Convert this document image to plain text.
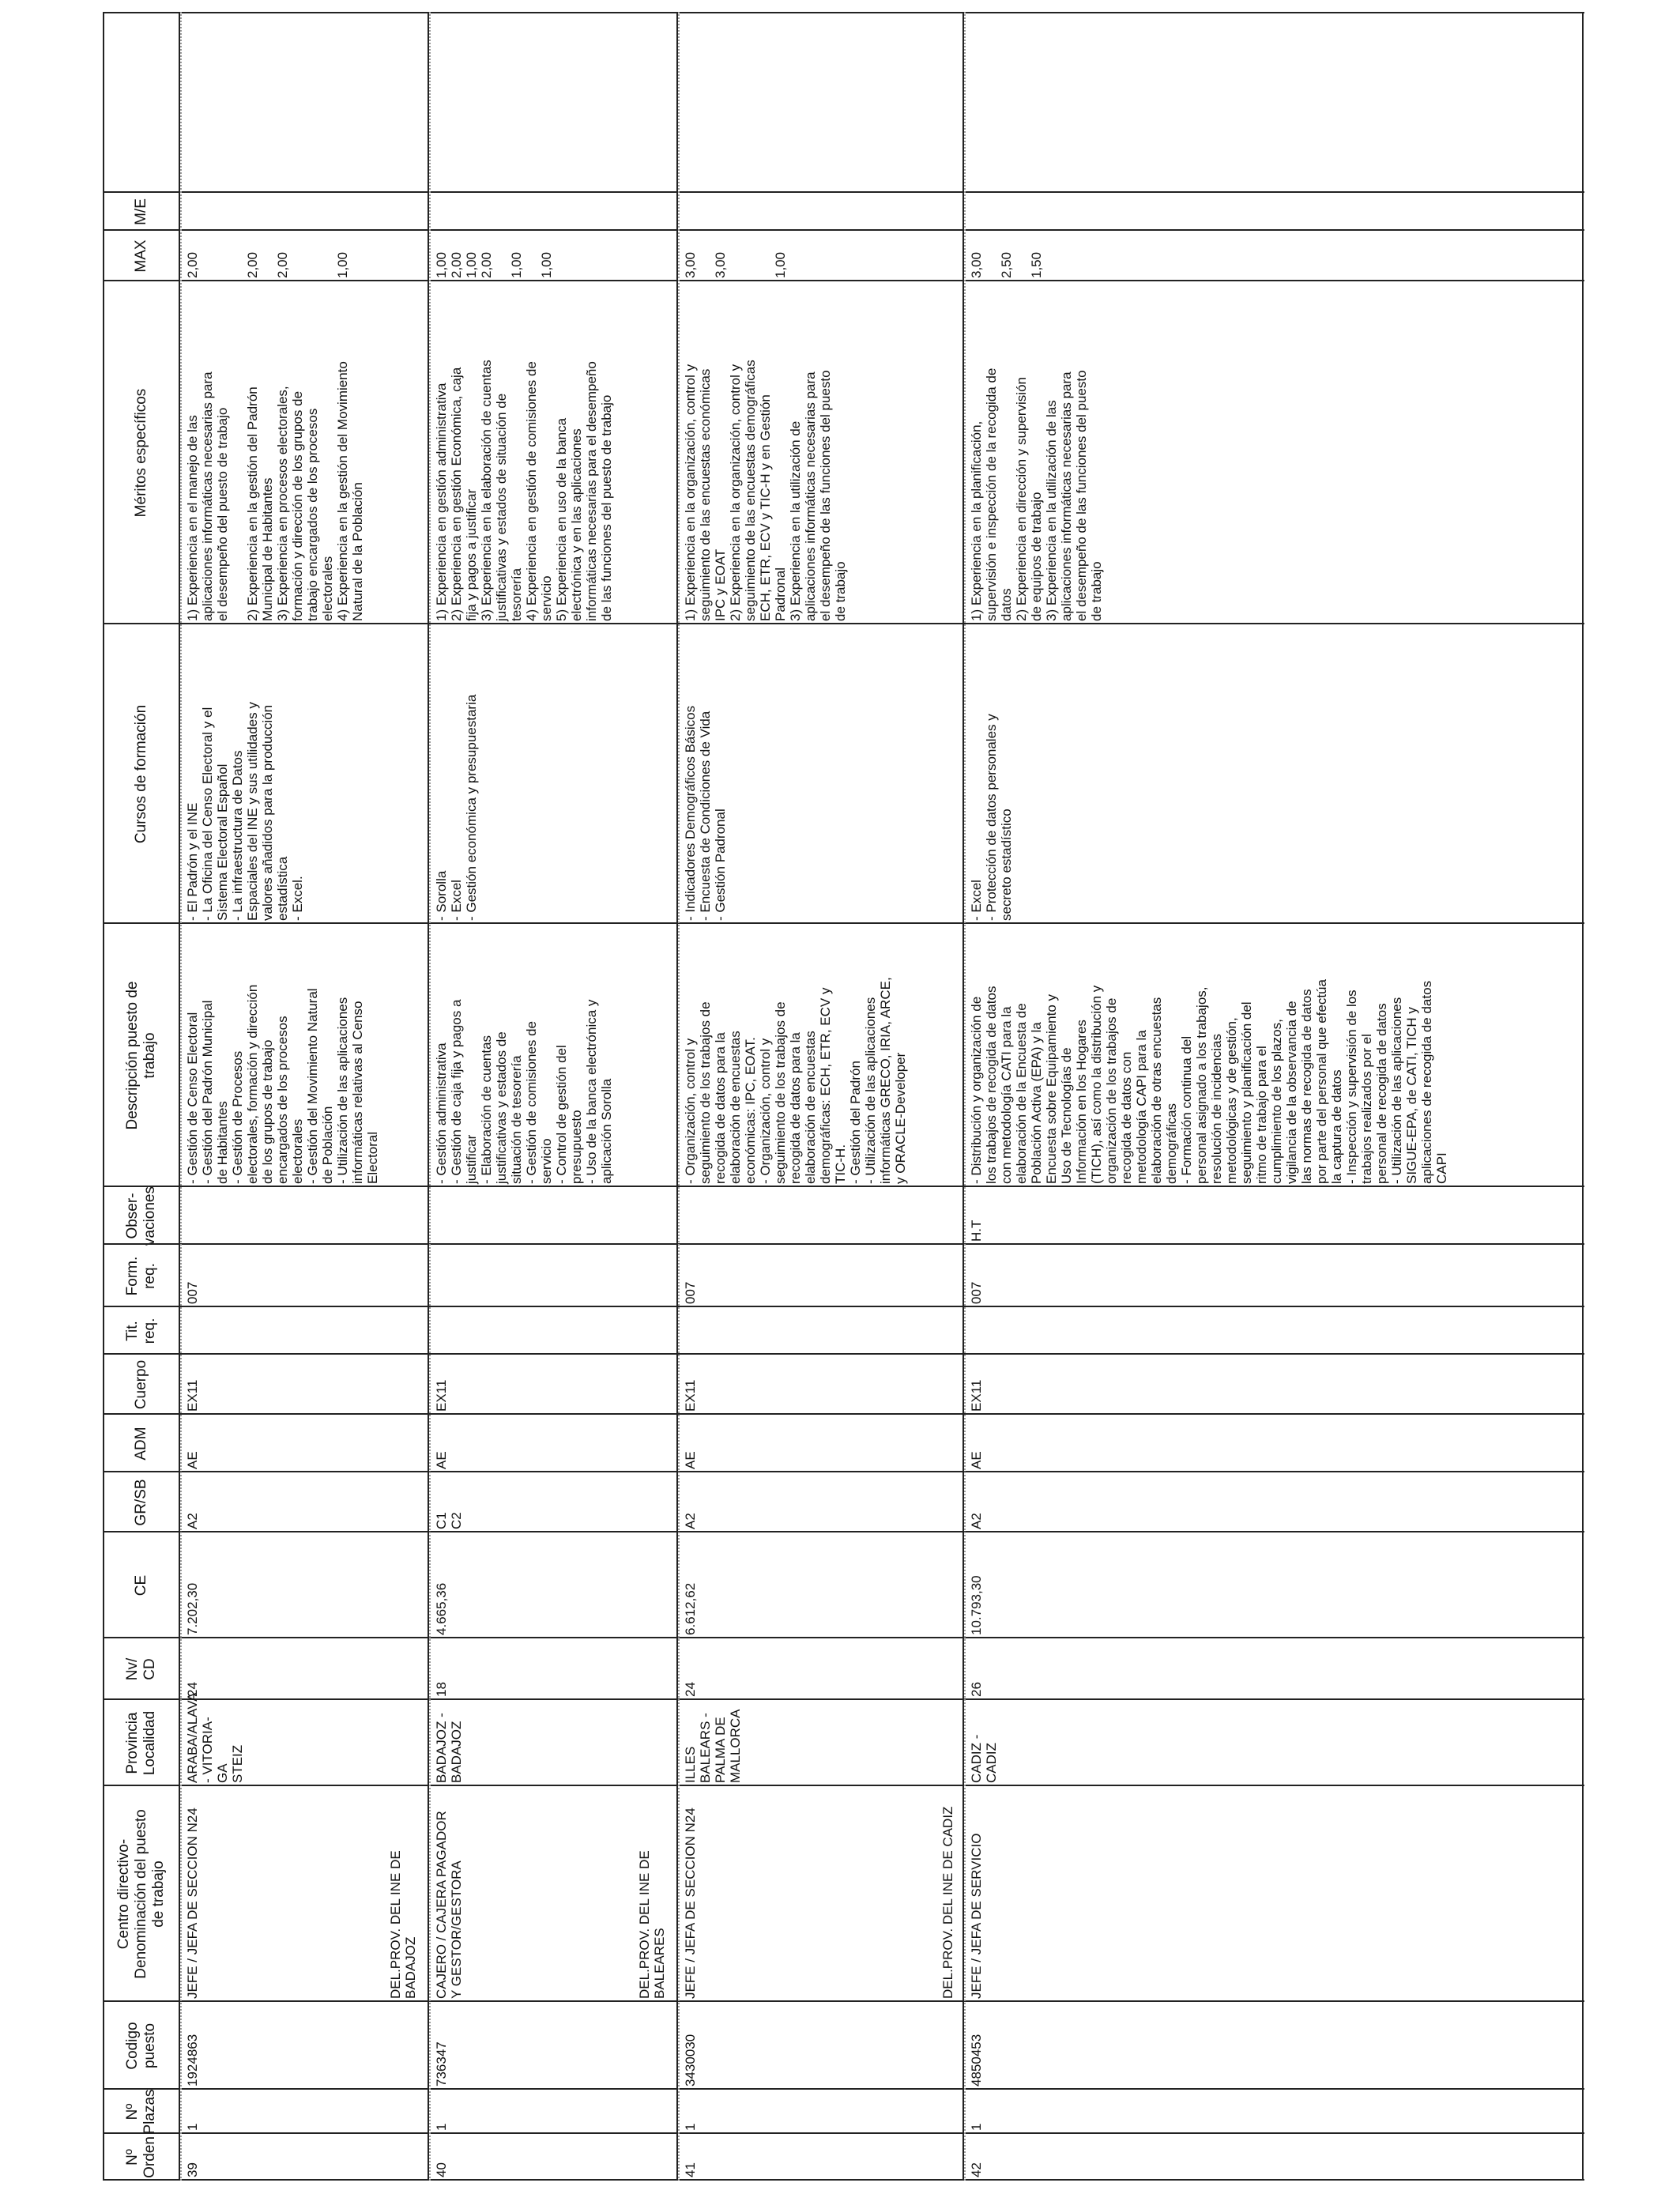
Nº
Orden
Nº
Plazas
Codigo
puesto
Centro directivo-
Denominación del puesto
de trabajo
Provincia
Localidad
Nv/
CD
CE
GR/SB
ADM
Cuerpo
Tit.
req.
Form.
req.
Obser-
vaciones
Descripción puesto de
trabajo
Cursos de formación
Méritos específicos
MAX
M/E
39
1
1924863
JEFE / JEFA DE SECCION N24
ARABA/ALAVA
- VITORIA-GA
STEIZ
24
7.202,30
A2
AE
EX11
007
- Gestión de Censo Electoral
- Gestión del Padrón Municipal
de Habitantes
- Gestión de Procesos
electorales, formación y dirección
de los grupos de trabajo
encargados de los procesos
electorales
- Gestión del Movimiento Natural
de Población
- Utilización de las aplicaciones
informáticas relativas al Censo
Electoral
- El Padrón y el INE
- La Oficina del Censo Electoral y el
Sistema Electoral Español
- La infraestructura de Datos
Espaciales del INE y sus utilidades y
valores añadidos para la producción
estadística
- Excel.
1) Experiencia en el manejo de las
aplicaciones informáticas necesarias para
el desempeño del puesto de trabajo

2) Experiencia en la gestión del Padrón
Municipal de Habitantes
3) Experiencia en procesos electorales,
formación y dirección de los grupos de
trabajo encargados de los procesos
electorales
4) Experiencia en la gestión del Movimiento
Natural de la Población
2,00

2,00

2,00

1,00
DEL.PROV. DEL INE DE
BADAJOZ
40
1
736347
CAJERO / CAJERA PAGADOR
Y GESTOR/GESTORA
BADAJOZ -
BADAJOZ
18
4.665,36
C1
C2
AE
EX11
- Gestión administrativa
- Gestión de caja fija y pagos a
justificar
- Elaboración de cuentas
justificativas y estados de
situación de tesorería
- Gestión de comisiones de
servicio
- Control de gestión del
presupuesto
- Uso de la banca electrónica y
aplicación Sorolla
- Sorolla
- Excel
- Gestión económica y presupuestaria
1) Experiencia en gestión administrativa
2) Experiencia en gestión Económica, caja
fija y pagos a justificar
3) Experiencia en la elaboración de cuentas
justificativas y estados de situación de
tesorería
4) Experiencia en gestión de comisiones de
servicio
5) Experiencia en uso de la banca
electrónica y en las aplicaciones
informáticas necesarias para el desempeño
de las funciones del puesto de trabajo
1,00
2,00
1,00
2,00

1,00

1,00
DEL.PROV. DEL INE DE
BALEARES
41
1
3430030
JEFE / JEFA DE SECCION N24
ILLES
BALEARS -
PALMA DE
MALLORCA
24
6.612,62
A2
AE
EX11
007
- Organización, control y
seguimiento de los trabajos de
recogida de datos para la
elaboración de encuestas
económicas: IPC, EOAT.
- Organización, control y
seguimiento de los trabajos de
recogida de datos para la
elaboración de encuestas
demográficas: ECH, ETR, ECV y
TIC-H.
- Gestión del Padrón
- Utilización de las aplicaciones
informáticas GRECO, IRIA, ARCE,
y ORACLE-Developer
- Indicadores Demográficos Básicos
- Encuesta de Condiciones de Vida
- Gestión Padronal
1) Experiencia en la organización, control y
seguimiento de las encuestas económicas
IPC y EOAT
2) Experiencia en la organización, control y
seguimiento de las encuestas demográficas
ECH, ETR, ECV y TIC-H y en Gestión
Padronal
3) Experiencia en la utilización de
aplicaciones informáticas necesarias para
el desempeño de las funciones del puesto
de trabajo
3,00

3,00

1,00
DEL.PROV. DEL INE DE CADIZ
42
1
4850453
JEFE / JEFA DE SERVICIO
CADIZ - CADIZ
26
10.793,30
A2
AE
EX11
007
H.T
- Distribución y organización de
los trabajos de recogida de datos
con metodología CATI para la
elaboración de la Encuesta de
Población Activa (EPA) y la
Encuesta sobre Equipamiento y
Uso de Tecnologías de
Información en los Hogares
(TICH), así como la distribución y
organización de los trabajos de
recogida de datos con
metodología CAPI para la
elaboración de otras encuestas
demográficas
- Formación continua del
personal asignado a los trabajos,
resolución de incidencias
metodológicas y de gestión,
seguimiento y planificación del
ritmo de trabajo para el
cumplimiento de los plazos,
vigilancia de la observancia de
las normas de recogida de datos
por parte del personal que efectúa
la captura de datos
- Inspección y supervisión de los
trabajos realizados por el
personal de recogida de datos
- Utilización de las aplicaciones
SIGUE-EPA, de CATI, TICH y
aplicaciones de recogida de datos
CAPI
- Excel
- Protección de datos personales y
secreto estadístico
1) Experiencia en la planificación,
supervisión e inspección de la recogida de
datos
2) Experiencia en dirección y supervisión
de equipos de trabajo
3) Experiencia en la utilización de las
aplicaciones informáticas necesarias para
el desempeño de las funciones del puesto
de trabajo
3,00

2,50

1,50
